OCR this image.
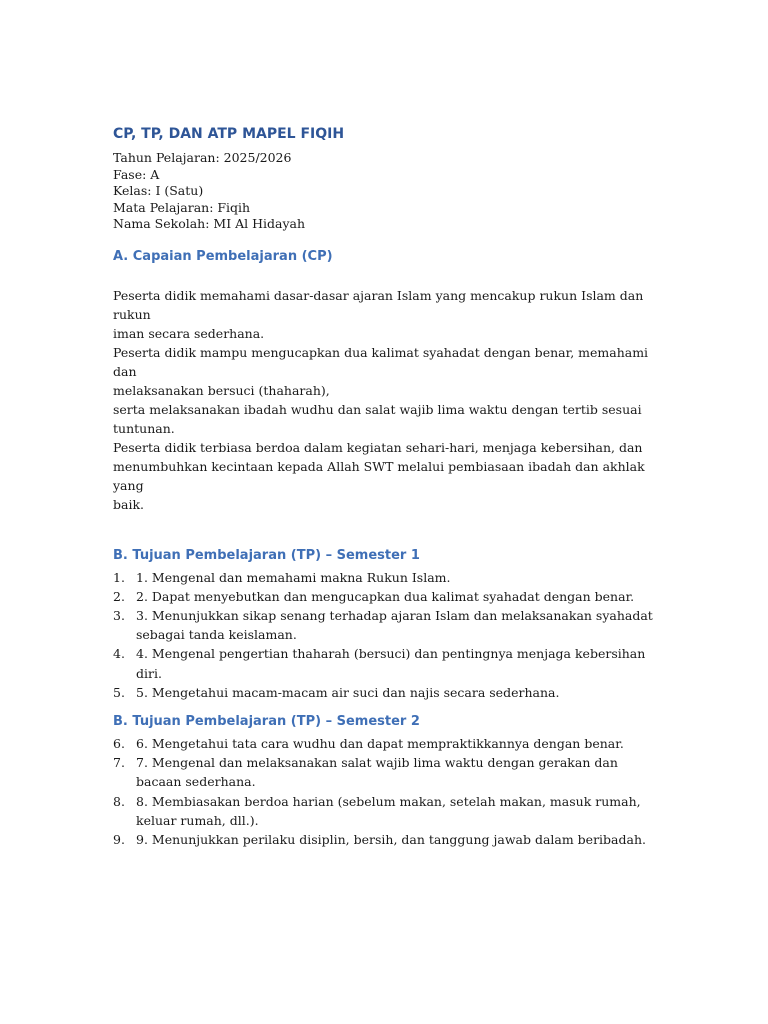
CP, TP, DAN ATP MAPEL FIQIH

Tahun Pelajaran: 2025/2026

Fase: A

Kelas: I (Satu)

Mata Pelajaran: Fiqih

Nama Sekolah: MI Al Hidayah

A. Capaian Pembelajaran (CP)

Peserta didik memahami dasar-dasar ajaran Islam yang mencakup rukun Islam dan rukun

iman secara sederhana.

Peserta didik mampu mengucapkan dua kalimat syahadat dengan benar, memahami dan

melaksanakan bersuci (thaharah),

serta melaksanakan ibadah wudhu dan salat wajib lima waktu dengan tertib sesuai

tuntunan.

Peserta didik terbiasa berdoa dalam kegiatan sehari-hari, menjaga kebersihan, dan

menumbuhkan kecintaan kepada Allah SWT melalui pembiasaan ibadah dan akhlak yang

baik.

B. Tujuan Pembelajaran (TP) – Semester 1
1. 1. Mengenal dan memahami makna Rukun Islam.
2. 2. Dapat menyebutkan dan mengucapkan dua kalimat syahadat dengan benar.
3. 3. Menunjukkan sikap senang terhadap ajaran Islam dan melaksanakan syahadat sebagai tanda keislaman.
4. 4. Mengenal pengertian thaharah (bersuci) dan pentingnya menjaga kebersihan diri.
5. 5. Mengetahui macam-macam air suci dan najis secara sederhana.
B. Tujuan Pembelajaran (TP) – Semester 2
6. 6. Mengetahui tata cara wudhu dan dapat mempraktikkannya dengan benar.
7. 7. Mengenal dan melaksanakan salat wajib lima waktu dengan gerakan dan bacaan sederhana.
8. 8. Membiasakan berdoa harian (sebelum makan, setelah makan, masuk rumah, keluar rumah, dll.).
9. 9. Menunjukkan perilaku disiplin, bersih, dan tanggung jawab dalam beribadah.
